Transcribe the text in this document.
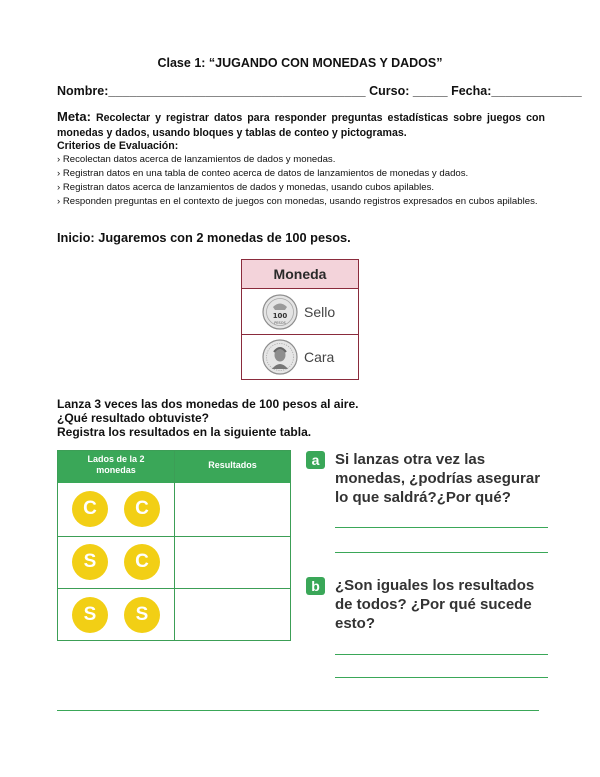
Clase 1: “JUGANDO CON MONEDAS Y DADOS”
Nombre:_____________________________________ Curso: _____ Fecha:_____________
Meta: Recolectar y registrar datos para responder preguntas estadísticas sobre juegos con monedas y dados, usando bloques y tablas de conteo y pictogramas.
Criterios de Evaluación:
› Recolectan datos acerca de lanzamientos de dados y monedas.
› Registran datos en una tabla de conteo acerca de datos de lanzamientos de monedas y dados.
› Registran datos acerca de lanzamientos de dados y monedas, usando cubos apilables.
› Responden preguntas en el contexto de juegos con monedas, usando registros expresados en cubos apilables.
Inicio: Jugaremos con 2 monedas de 100 pesos.
Moneda
100
PESOS
Sello
Cara
Lanza 3 veces las dos monedas de 100 pesos al aire.
¿Qué resultado obtuviste?
Registra los resultados en la siguiente tabla.
Lados de la 2
monedas	Resultados
C	C
S	C
S	S
a	Si lanzas otra vez las
monedas, ¿podrías asegurar
lo que saldrá?¿Por qué?
b	¿Son iguales los resultados
de todos? ¿Por qué sucede
esto?
